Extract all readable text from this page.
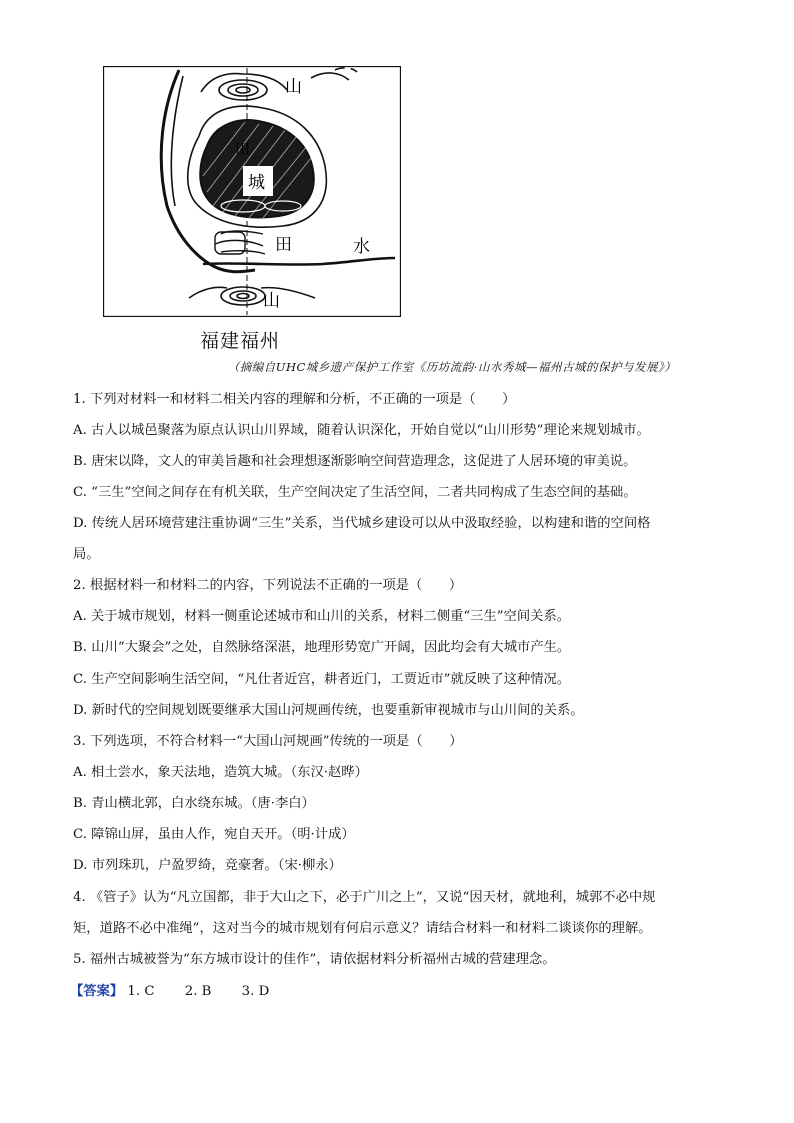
山
田
城
田	水
山
福建福州
（摘编自UHC城乡遗产保护工作室《历坊流韵·山水秀城—福州古城的保护与发展》）
1. 下列对材料一和材料二相关内容的理解和分析，不正确的一项是（　　）
A. 古人以城邑聚落为原点认识山川界域，随着认识深化，开始自觉以“山川形势”理论来规划城市。
B. 唐宋以降，文人的审美旨趣和社会理想逐渐影响空间营造理念，这促进了人居环境的审美说。
C. “三生”空间之间存在有机关联，生产空间决定了生活空间，二者共同构成了生态空间的基础。
D. 传统人居环境营建注重协调“三生”关系，当代城乡建设可以从中汲取经验，以构建和谐的空间格
局。
2. 根据材料一和材料二的内容，下列说法不正确的一项是（　　）
A. 关于城市规划，材料一侧重论述城市和山川的关系，材料二侧重“三生”空间关系。
B. 山川“大聚会”之处，自然脉络深湛，地理形势宽广开阔，因此均会有大城市产生。
C. 生产空间影响生活空间，“凡仕者近宫，耕者近门，工贾近市”就反映了这种情况。
D. 新时代的空间规划既要继承大国山河规画传统，也要重新审视城市与山川间的关系。
3. 下列选项，不符合材料一“大国山河规画”传统的一项是（　　）
A. 相土尝水，象天法地，造筑大城。（东汉·赵晔）
B. 青山横北郭，白水绕东城。（唐·李白）
C. 障锦山屏，虽由人作，宛自天开。（明·计成）
D. 市列珠玑，户盈罗绮，竞豪奢。（宋·柳永）
4. 《管子》认为“凡立国都，非于大山之下，必于广川之上”，又说“因天材，就地利，城郭不必中规
矩，道路不必中准绳”，这对当今的城市规划有何启示意义？请结合材料一和材料二谈谈你的理解。
5. 福州古城被誉为“东方城市设计的佳作”，请依据材料分析福州古城的营建理念。
【答案】 1. C 2. B 3. D
